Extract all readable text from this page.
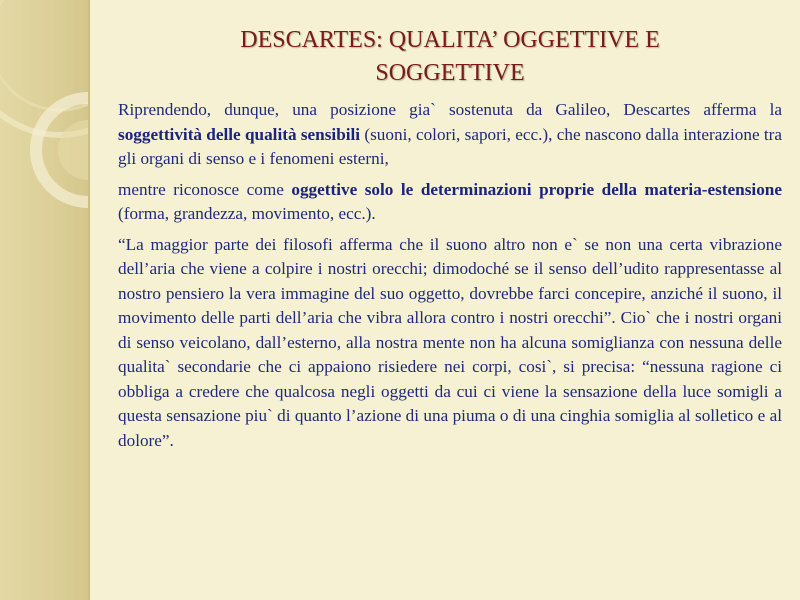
DESCARTES: QUALITA’ OGGETTIVE E
SOGGETTIVE

Riprendendo, dunque, una posizione gia` sostenuta da Galileo, Descartes afferma la soggettività delle qualità sensibili (suoni, colori, sapori, ecc.), che nascono dalla interazione tra gli organi di senso e i fenomeni esterni,

mentre riconosce come oggettive solo le determinazioni proprie della materia-estensione (forma, grandezza, movimento, ecc.).

“La maggior parte dei filosofi afferma che il suono altro non e` se non una certa vibrazione dell’aria che viene a colpire i nostri orecchi; dimodoché se il senso dell’udito rappresentasse al nostro pensiero la vera immagine del suo oggetto, dovrebbe farci concepire, anziché il suono, il movimento delle parti dell’aria che vibra allora contro i nostri orecchi”. Cio` che i nostri organi di senso veicolano, dall’esterno, alla nostra mente non ha alcuna somiglianza con nessuna delle qualita` secondarie che ci appaiono risiedere nei corpi, cosi`, si precisa: “nessuna ragione ci obbliga a credere che qualcosa negli oggetti da cui ci viene la sensazione della luce somigli a questa sensazione piu` di quanto l’azione di una piuma o di una cinghia somiglia al solletico e al dolore”.
